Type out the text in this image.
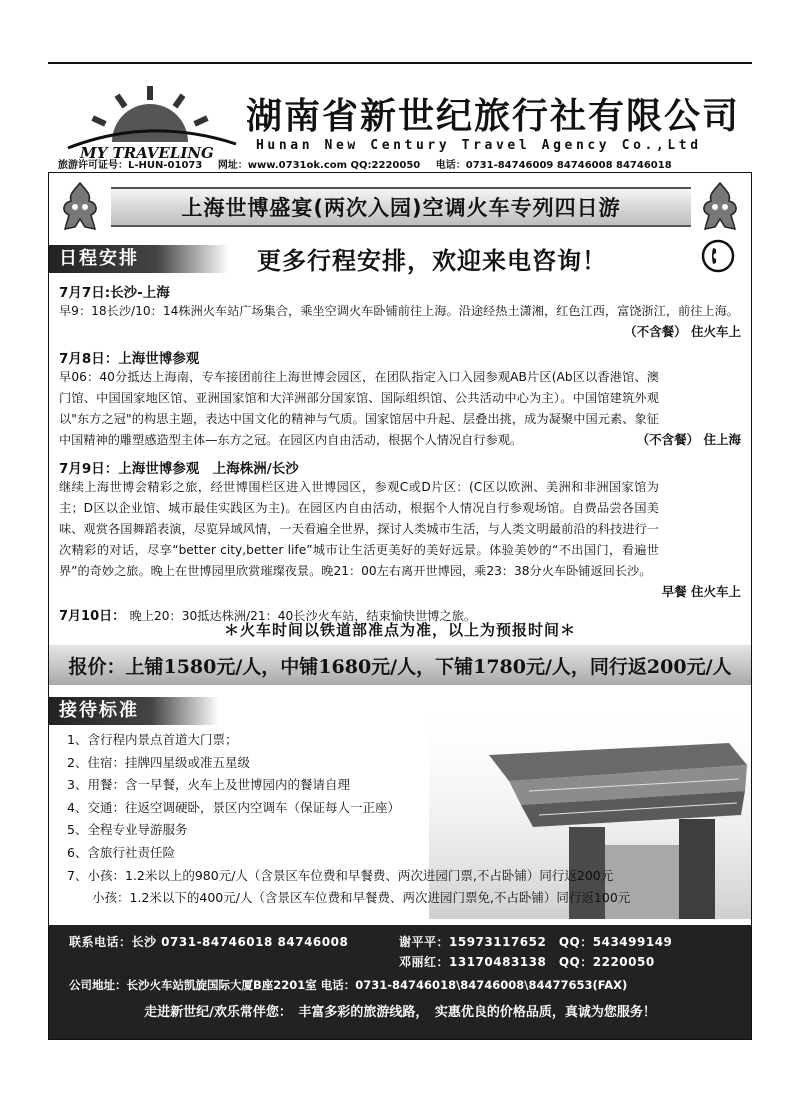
MY TRAVELING
湖南省新世纪旅行社有限公司
Hunan New Century Travel Agency Co.,Ltd
旅游许可证号：L-HUN-01073 网址：www.0731ok.com QQ:2220050 电话：0731-84746009 84746008 84746018
上海世博盛宴(两次入园)空调火车专列四日游
日程安排	更多行程安排，欢迎来电咨询！
7月7日:长沙-上海
早9：18长沙/10：14株洲火车站广场集合，乘坐空调火车卧铺前往上海。沿途经热土潇湘，红色江西，富饶浙江，前往上海。
（不含餐） 住火车上
7月8日：上海世博参观
早06：40分抵达上海南，专车接团前往上海世博会园区，在团队指定入口入园参观AB片区(Ab区以香港馆、澳门馆、中国国家地区馆、亚洲国家馆和大洋洲部分国家馆、国际组织馆、公共活动中心为主）。中国馆建筑外观以"东方之冠"的构思主题，表达中国文化的精神与气质。国家馆居中升起、层叠出挑，成为凝聚中国元素、象征中国精神的雕塑感造型主体—东方之冠。在园区内自由活动，根据个人情况自行参观。	（不含餐） 住上海
7月9日：上海世博参观　上海株洲/长沙
继续上海世博会精彩之旅，经世博围栏区进入世博园区，参观C或D片区：(C区以欧洲、美洲和非洲国家馆为主；D区以企业馆、城市最佳实践区为主)。在园区内自由活动，根据个人情况自行参观场馆。自费品尝各国美味、观赏各国舞蹈表演，尽览异域风情，一天看遍全世界，探讨人类城市生活，与人类文明最前沿的科技进行一次精彩的对话，尽享“better city,better life”城市让生活更美好的美好远景。体验美妙的“不出国门，看遍世界”的奇妙之旅。晚上在世博园里欣赏璀璨夜景。晚21：00左右离开世博园，乘23：38分火车卧铺返回长沙。
早餐 住火车上
7月10日： 晚上20：30抵达株洲/21：40长沙火车站，结束愉快世博之旅。
＊火车时间以铁道部准点为准，以上为预报时间＊
报价：上铺1580元/人，中铺1680元/人，下铺1780元/人，同行返200元/人
接待标准
1、含行程内景点首道大门票；
2、住宿：挂牌四星级或准五星级
3、用餐：含一早餐，火车上及世博园内的餐请自理
4、交通：往返空调硬卧，景区内空调车（保证每人一正座）
5、全程专业导游服务
6、含旅行社责任险
7、小孩：1.2米以上的980元/人（含景区车位费和早餐费、两次进园门票,不占卧铺）同行返200元
　　小孩：1.2米以下的400元/人（含景区车位费和早餐费、两次进园门票免,不占卧铺）同行返100元
联系电话：长沙 0731-84746018 84746008	谢平平：15973117652　QQ：543499149
邓丽红：13170483138　QQ：2220050
公司地址：长沙火车站凯旋国际大厦B座2201室 电话：0731-84746018\84746008\84477653(FAX)
走进新世纪/欢乐常伴您：　丰富多彩的旅游线路，　实惠优良的价格品质，真诚为您服务！
